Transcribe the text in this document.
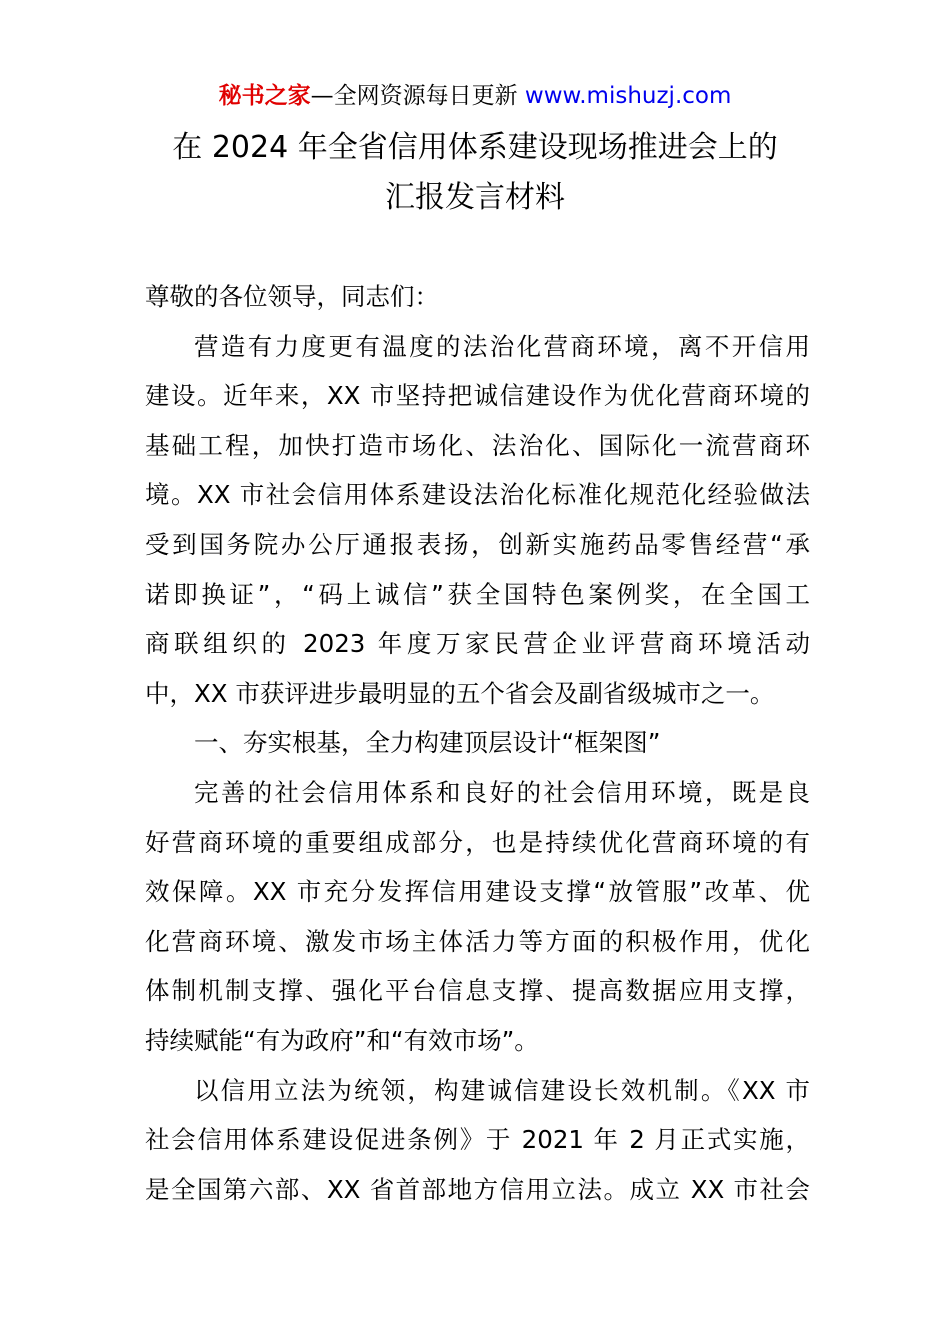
秘书之家—全网资源每日更新 www.mishuzj.com
在 2024 年全省信用体系建设现场推进会上的
汇报发言材料
尊敬的各位领导，同志们：
营造有力度更有温度的法治化营商环境，离不开信用
建设。近年来，XX 市坚持把诚信建设作为优化营商环境的
基础工程，加快打造市场化、法治化、国际化一流营商环
境。XX 市社会信用体系建设法治化标准化规范化经验做法
受到国务院办公厅通报表扬，创新实施药品零售经营“承
诺即换证”，“码上诚信”获全国特色案例奖，在全国工
商联组织的 2023 年度万家民营企业评营商环境活动
中，XX 市获评进步最明显的五个省会及副省级城市之一。
一、夯实根基，全力构建顶层设计“框架图”
完善的社会信用体系和良好的社会信用环境，既是良
好营商环境的重要组成部分，也是持续优化营商环境的有
效保障。XX 市充分发挥信用建设支撑“放管服”改革、优
化营商环境、激发市场主体活力等方面的积极作用，优化
体制机制支撑、强化平台信息支撑、提高数据应用支撑，
持续赋能“有为政府”和“有效市场”。
以信用立法为统领，构建诚信建设长效机制。《XX 市
社会信用体系建设促进条例》于 2021 年 2 月正式实施，
是全国第六部、XX 省首部地方信用立法。成立 XX 市社会
